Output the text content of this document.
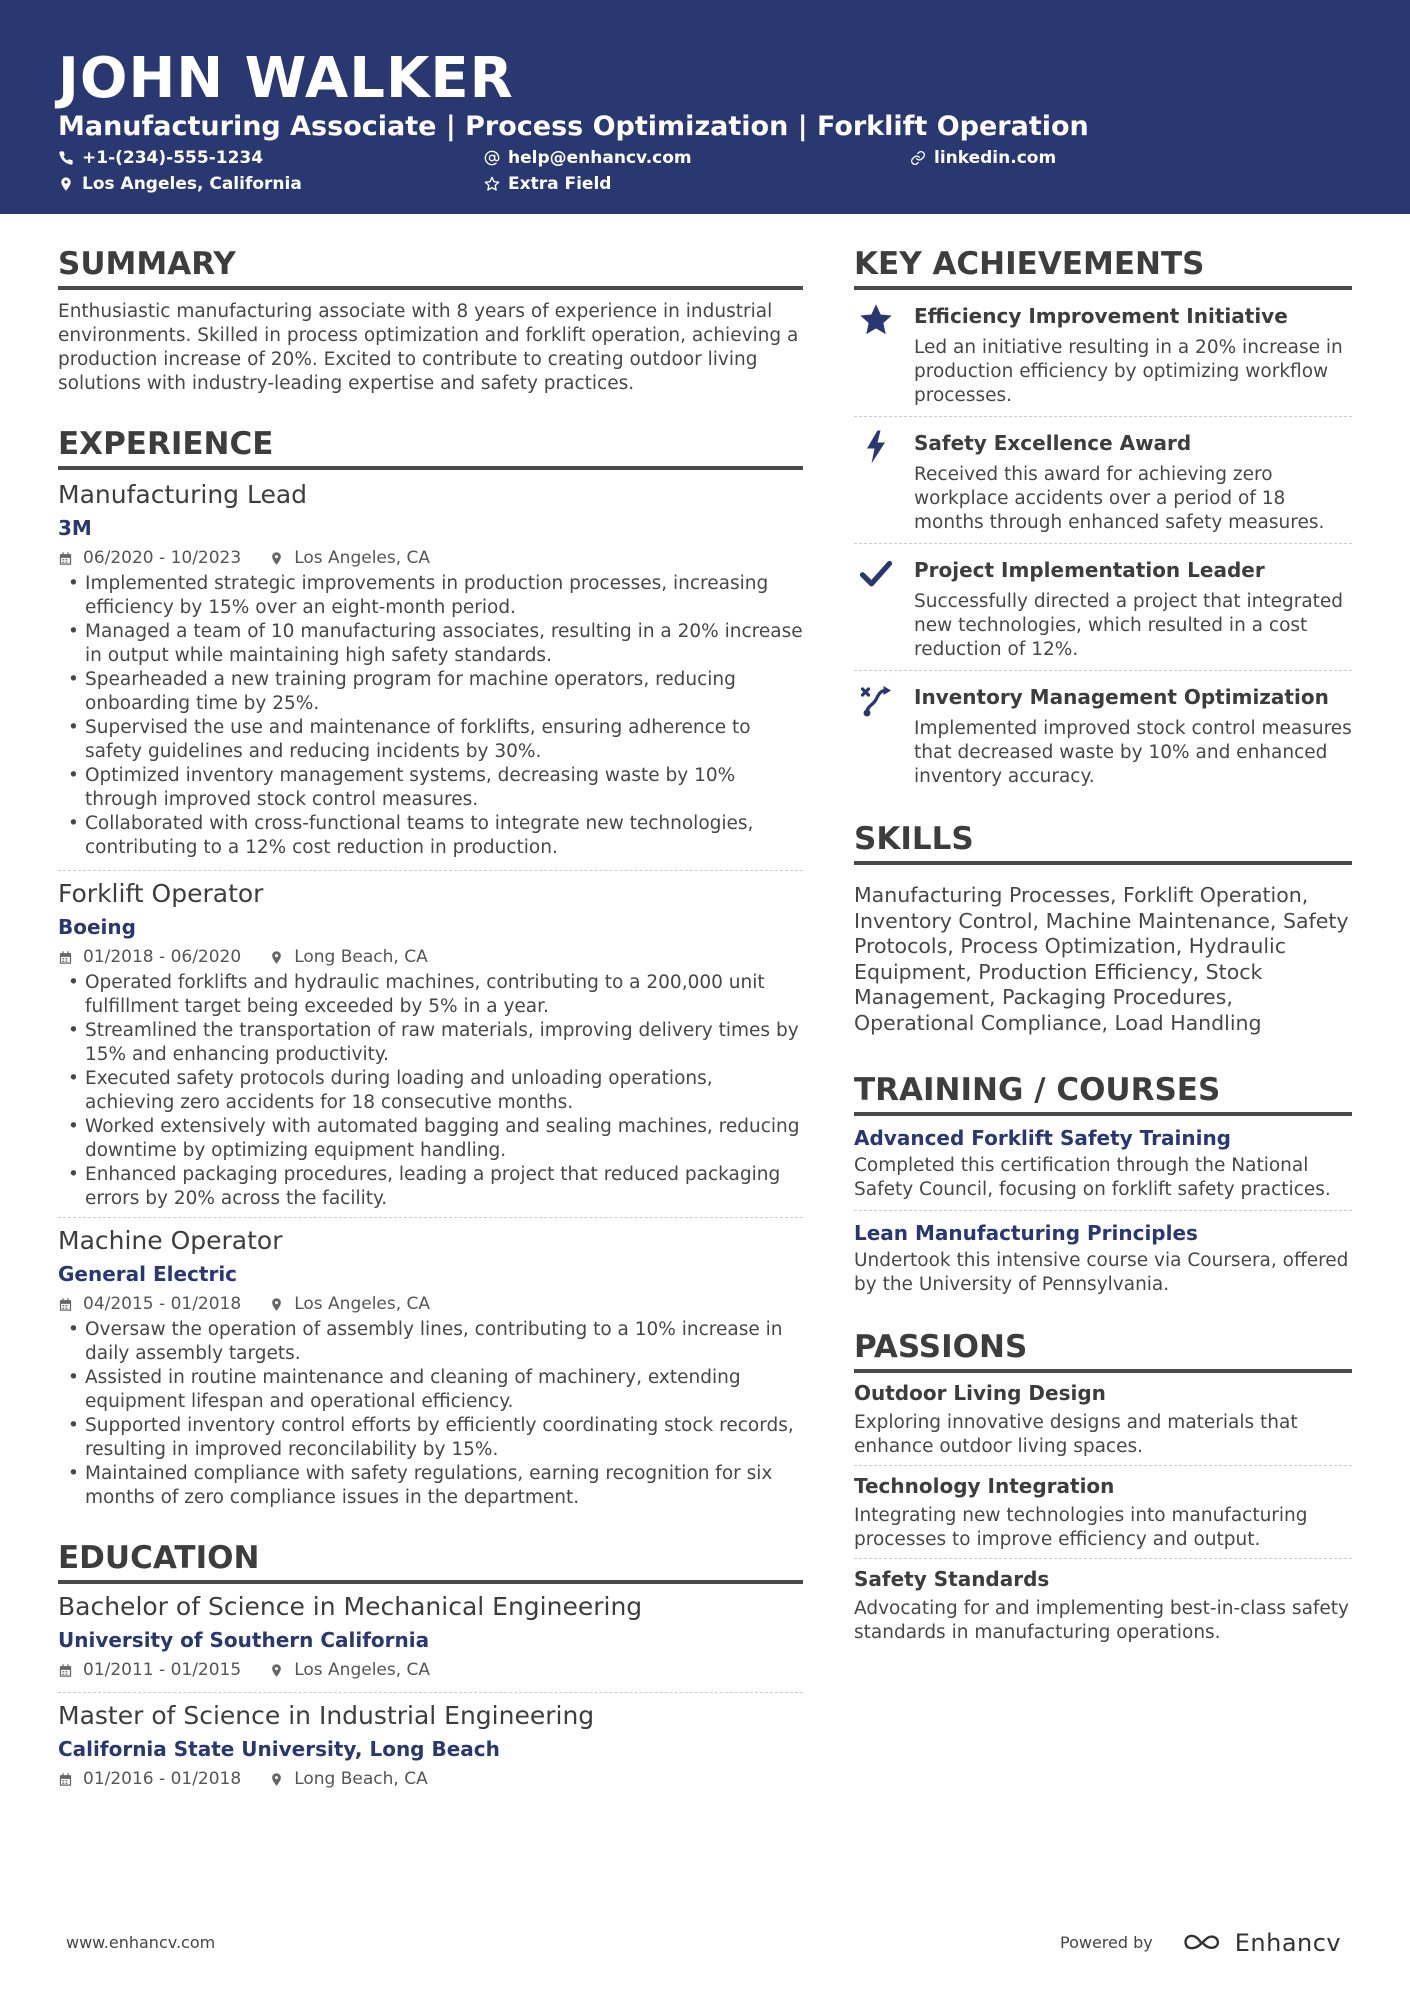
JOHN WALKER
Manufacturing Associate | Process Optimization | Forklift Operation
+1-(234)-555-1234	help@enhancv.com	linkedin.com
Los Angeles, California	Extra Field
SUMMARY
Enthusiastic manufacturing associate with 8 years of experience in industrial environments. Skilled in process optimization and forklift operation, achieving a production increase of 20%. Excited to contribute to creating outdoor living solutions with industry-leading expertise and safety practices.
EXPERIENCE
Manufacturing Lead
3M
06/2020 - 10/2023	Los Angeles, CA
• Implemented strategic improvements in production processes, increasing efficiency by 15% over an eight-month period.
• Managed a team of 10 manufacturing associates, resulting in a 20% increase in output while maintaining high safety standards.
• Spearheaded a new training program for machine operators, reducing onboarding time by 25%.
• Supervised the use and maintenance of forklifts, ensuring adherence to safety guidelines and reducing incidents by 30%.
• Optimized inventory management systems, decreasing waste by 10% through improved stock control measures.
• Collaborated with cross-functional teams to integrate new technologies, contributing to a 12% cost reduction in production.
Forklift Operator
Boeing
01/2018 - 06/2020	Long Beach, CA
• Operated forklifts and hydraulic machines, contributing to a 200,000 unit fulfillment target being exceeded by 5% in a year.
• Streamlined the transportation of raw materials, improving delivery times by 15% and enhancing productivity.
• Executed safety protocols during loading and unloading operations, achieving zero accidents for 18 consecutive months.
• Worked extensively with automated bagging and sealing machines, reducing downtime by optimizing equipment handling.
• Enhanced packaging procedures, leading a project that reduced packaging errors by 20% across the facility.
Machine Operator
General Electric
04/2015 - 01/2018	Los Angeles, CA
• Oversaw the operation of assembly lines, contributing to a 10% increase in daily assembly targets.
• Assisted in routine maintenance and cleaning of machinery, extending equipment lifespan and operational efficiency.
• Supported inventory control efforts by efficiently coordinating stock records, resulting in improved reconcilability by 15%.
• Maintained compliance with safety regulations, earning recognition for six months of zero compliance issues in the department.
EDUCATION
Bachelor of Science in Mechanical Engineering
University of Southern California
01/2011 - 01/2015	Los Angeles, CA
Master of Science in Industrial Engineering
California State University, Long Beach
01/2016 - 01/2018	Long Beach, CA
KEY ACHIEVEMENTS
Efficiency Improvement Initiative
Led an initiative resulting in a 20% increase in production efficiency by optimizing workflow processes.
Safety Excellence Award
Received this award for achieving zero workplace accidents over a period of 18 months through enhanced safety measures.
Project Implementation Leader
Successfully directed a project that integrated new technologies, which resulted in a cost reduction of 12%.
Inventory Management Optimization
Implemented improved stock control measures that decreased waste by 10% and enhanced inventory accuracy.
SKILLS
Manufacturing Processes, Forklift Operation, Inventory Control, Machine Maintenance, Safety Protocols, Process Optimization, Hydraulic Equipment, Production Efficiency, Stock Management, Packaging Procedures, Operational Compliance, Load Handling
TRAINING / COURSES
Advanced Forklift Safety Training
Completed this certification through the National Safety Council, focusing on forklift safety practices.
Lean Manufacturing Principles
Undertook this intensive course via Coursera, offered by the University of Pennsylvania.
PASSIONS
Outdoor Living Design
Exploring innovative designs and materials that enhance outdoor living spaces.
Technology Integration
Integrating new technologies into manufacturing processes to improve efficiency and output.
Safety Standards
Advocating for and implementing best-in-class safety standards in manufacturing operations.
www.enhancv.com	Powered by	Enhancv
